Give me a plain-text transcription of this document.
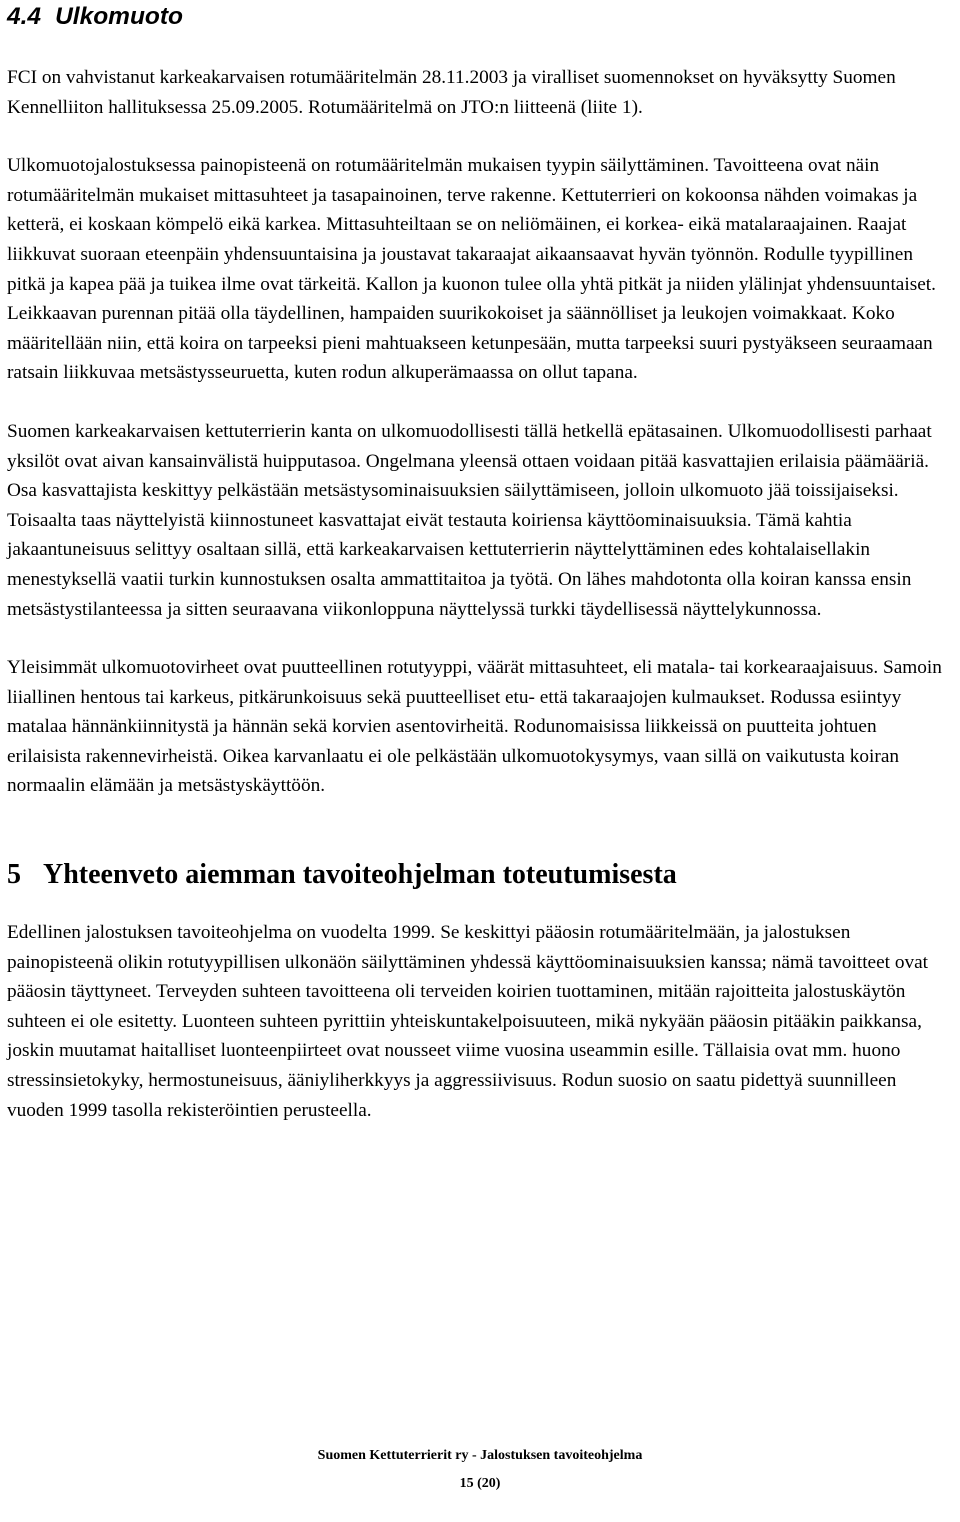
4.4 Ulkomuoto

FCI on vahvistanut karkeakarvaisen rotumääritelmän 28.11.2003 ja viralliset suomennokset on hyväksytty Suomen Kennelliiton hallituksessa 25.09.2005. Rotumääritelmä on JTO:n liitteenä (liite 1).

Ulkomuotojalostuksessa painopisteenä on rotumääritelmän mukaisen tyypin säilyttäminen. Tavoitteena ovat näin rotumääritelmän mukaiset mittasuhteet ja tasapainoinen, terve rakenne. Kettuterrieri on kokoonsa nähden voimakas ja ketterä, ei koskaan kömpelö eikä karkea. Mittasuhteiltaan se on neliömäinen, ei korkea- eikä matalaraajainen. Raajat liikkuvat suoraan eteenpäin yhdensuuntaisina ja joustavat takaraajat aikaansaavat hyvän työnnön. Rodulle tyypillinen pitkä ja kapea pää ja tuikea ilme ovat tärkeitä. Kallon ja kuonon tulee olla yhtä pitkät ja niiden ylälinjat yhdensuuntaiset. Leikkaavan purennan pitää olla täydellinen, hampaiden suurikokoiset ja säännölliset ja leukojen voimakkaat. Koko määritellään niin, että koira on tarpeeksi pieni mahtuakseen ketunpesään, mutta tarpeeksi suuri pystyäkseen seuraamaan ratsain liikkuvaa metsästysseuruetta, kuten rodun alkuperämaassa on ollut tapana.

Suomen karkeakarvaisen kettuterrierin kanta on ulkomuodollisesti tällä hetkellä epätasainen. Ulkomuodollisesti parhaat yksilöt ovat aivan kansainvälistä huipputasoa. Ongelmana yleensä ottaen voidaan pitää kasvattajien erilaisia päämääriä. Osa kasvattajista keskittyy pelkästään metsästysominaisuuksien säilyttämiseen, jolloin ulkomuoto jää toissijaiseksi. Toisaalta taas näyttelyistä kiinnostuneet kasvattajat eivät testauta koiriensa käyttöominaisuuksia. Tämä kahtia jakaantuneisuus selittyy osaltaan sillä, että karkeakarvaisen kettuterrierin näyttelyttäminen edes kohtalaisellakin menestyksellä vaatii turkin kunnostuksen osalta ammattitaitoa ja työtä. On lähes mahdotonta olla koiran kanssa ensin metsästystilanteessa ja sitten seuraavana viikonloppuna näyttelyssä turkki täydellisessä näyttelykunnossa.

Yleisimmät ulkomuotovirheet ovat puutteellinen rotutyyppi, väärät mittasuhteet, eli matala- tai korkearaajaisuus. Samoin liiallinen hentous tai karkeus, pitkärunkoisuus sekä puutteelliset etu- että takaraajojen kulmaukset. Rodussa esiintyy matalaa hännänkiinnitystä ja hännän sekä korvien asentovirheitä. Rodunomaisissa liikkeissä on puutteita johtuen erilaisista rakennevirheistä. Oikea karvanlaatu ei ole pelkästään ulkomuotokysymys, vaan sillä on vaikutusta koiran normaalin elämään ja metsästyskäyttöön.

5 Yhteenveto aiemman tavoiteohjelman toteutumisesta

Edellinen jalostuksen tavoiteohjelma on vuodelta 1999. Se keskittyi pääosin rotumääritelmään, ja jalostuksen painopisteenä olikin rotutyypillisen ulkonäön säilyttäminen yhdessä käyttöominaisuuksien kanssa; nämä tavoitteet ovat pääosin täyttyneet. Terveyden suhteen tavoitteena oli terveiden koirien tuottaminen, mitään rajoitteita jalostuskäytön suhteen ei ole esitetty. Luonteen suhteen pyrittiin yhteiskuntakelpoisuuteen, mikä nykyään pääosin pitääkin paikkansa, joskin muutamat haitalliset luonteenpiirteet ovat nousseet viime vuosina useammin esille. Tällaisia ovat mm. huono stressinsietokyky, hermostuneisuus, ääniyliherkkyys ja aggressiivisuus. Rodun suosio on saatu pidettyä suunnilleen vuoden 1999 tasolla rekisteröintien perusteella.

Suomen Kettuterrierit ry - Jalostuksen tavoiteohjelma
15 (20)
